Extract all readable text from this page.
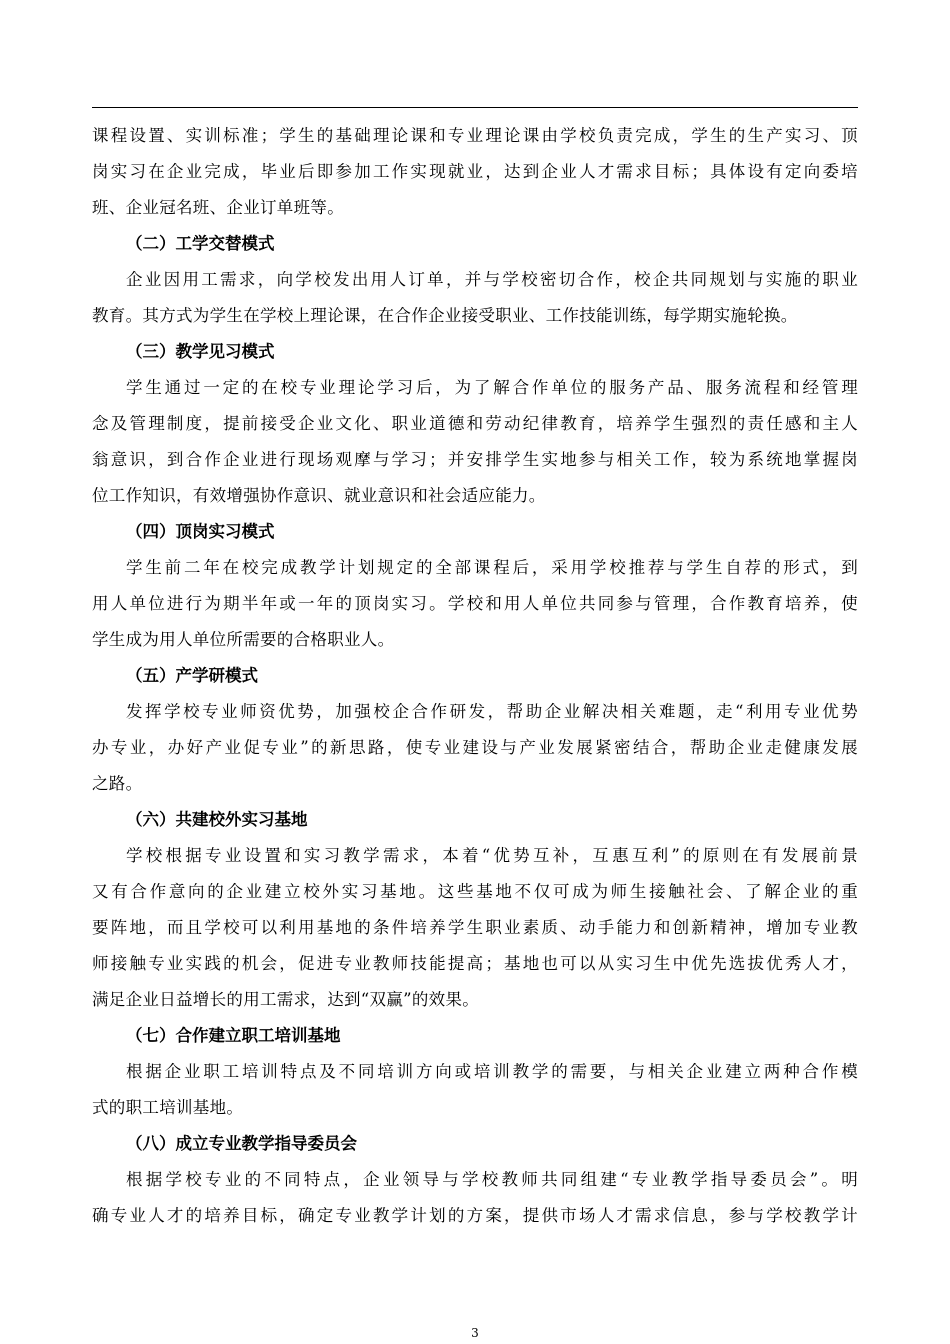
课程设置、实训标准；学生的基础理论课和专业理论课由学校负责完成，学生的生产实习、顶
岗实习在企业完成，毕业后即参加工作实现就业，达到企业人才需求目标；具体设有定向委培
班、企业冠名班、企业订单班等。
（二）工学交替模式
企业因用工需求，向学校发出用人订单，并与学校密切合作，校企共同规划与实施的职业
教育。其方式为学生在学校上理论课，在合作企业接受职业、工作技能训练，每学期实施轮换。
（三）教学见习模式
学生通过一定的在校专业理论学习后，为了解合作单位的服务产品、服务流程和经管理
念及管理制度，提前接受企业文化、职业道德和劳动纪律教育，培养学生强烈的责任感和主人
翁意识，到合作企业进行现场观摩与学习；并安排学生实地参与相关工作，较为系统地掌握岗
位工作知识，有效增强协作意识、就业意识和社会适应能力。
（四）顶岗实习模式
学生前二年在校完成教学计划规定的全部课程后，采用学校推荐与学生自荐的形式，到
用人单位进行为期半年或一年的顶岗实习。学校和用人单位共同参与管理，合作教育培养，使
学生成为用人单位所需要的合格职业人。
（五）产学研模式
发挥学校专业师资优势，加强校企合作研发，帮助企业解决相关难题，走“利用专业优势
办专业，办好产业促专业”的新思路，使专业建设与产业发展紧密结合，帮助企业走健康发展
之路。
（六）共建校外实习基地
学校根据专业设置和实习教学需求，本着“优势互补，互惠互利”的原则在有发展前景
又有合作意向的企业建立校外实习基地。这些基地不仅可成为师生接触社会、了解企业的重
要阵地，而且学校可以利用基地的条件培养学生职业素质、动手能力和创新精神，增加专业教
师接触专业实践的机会，促进专业教师技能提高；基地也可以从实习生中优先选拔优秀人才，
满足企业日益增长的用工需求，达到“双赢”的效果。
（七）合作建立职工培训基地
根据企业职工培训特点及不同培训方向或培训教学的需要，与相关企业建立两种合作模
式的职工培训基地。
（八）成立专业教学指导委员会
根据学校专业的不同特点，企业领导与学校教师共同组建“专业教学指导委员会”。明
确专业人才的培养目标，确定专业教学计划的方案，提供市场人才需求信息，参与学校教学计
3
